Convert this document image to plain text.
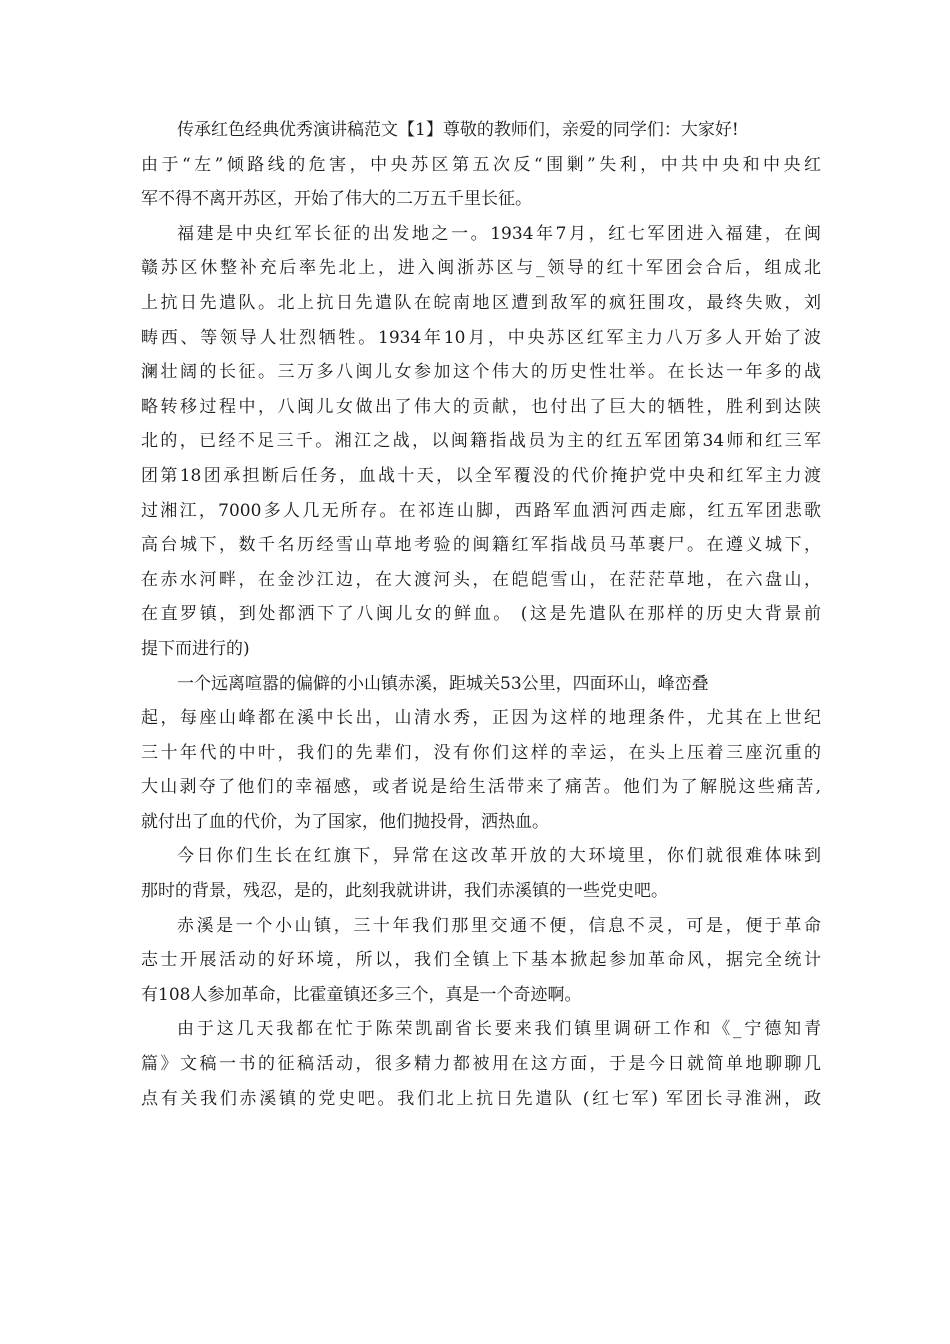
传承红色经典优秀演讲稿范文【1】尊敬的教师们，亲爱的同学们：大家好!
由于“左”倾路线的危害，中央苏区第五次反“围剿”失利，中共中央和中央红
军不得不离开苏区，开始了伟大的二万五千里长征。
福建是中央红军长征的出发地之一。1934年7月，红七军团进入福建，在闽
赣苏区休整补充后率先北上，进入闽浙苏区与_领导的红十军团会合后，组成北
上抗日先遣队。北上抗日先遣队在皖南地区遭到敌军的疯狂围攻，最终失败，刘
畴西、等领导人壮烈牺牲。1934年10月，中央苏区红军主力八万多人开始了波
澜壮阔的长征。三万多八闽儿女参加这个伟大的历史性壮举。在长达一年多的战
略转移过程中，八闽儿女做出了伟大的贡献，也付出了巨大的牺牲，胜利到达陕
北的，已经不足三千。湘江之战，以闽籍指战员为主的红五军团第34师和红三军
团第18团承担断后任务，血战十天，以全军覆没的代价掩护党中央和红军主力渡
过湘江，7000多人几无所存。在祁连山脚，西路军血洒河西走廊，红五军团悲歌
高台城下，数千名历经雪山草地考验的闽籍红军指战员马革裹尸。在遵义城下，
在赤水河畔，在金沙江边，在大渡河头，在皑皑雪山，在茫茫草地，在六盘山，
在直罗镇，到处都洒下了八闽儿女的鲜血。 (这是先遣队在那样的历史大背景前
提下而进行的)
一个远离喧嚣的偏僻的小山镇赤溪，距城关53公里，四面环山，峰峦叠
起，每座山峰都在溪中长出，山清水秀，正因为这样的地理条件，尤其在上世纪
三十年代的中叶，我们的先辈们，没有你们这样的幸运，在头上压着三座沉重的
大山剥夺了他们的幸福感，或者说是给生活带来了痛苦。他们为了解脱这些痛苦,
就付出了血的代价，为了国家，他们抛投骨，洒热血。
今日你们生长在红旗下，异常在这改革开放的大环境里，你们就很难体味到
那时的背景，残忍，是的，此刻我就讲讲，我们赤溪镇的一些党史吧。
赤溪是一个小山镇，三十年我们那里交通不便，信息不灵，可是，便于革命
志士开展活动的好环境，所以，我们全镇上下基本掀起参加革命风，据完全统计
有108人参加革命，比霍童镇还多三个，真是一个奇迹啊。
由于这几天我都在忙于陈荣凯副省长要来我们镇里调研工作和《_宁德知青
篇》文稿一书的征稿活动，很多精力都被用在这方面，于是今日就简单地聊聊几
点有关我们赤溪镇的党史吧。我们北上抗日先遣队 (红七军) 军团长寻淮洲，政
